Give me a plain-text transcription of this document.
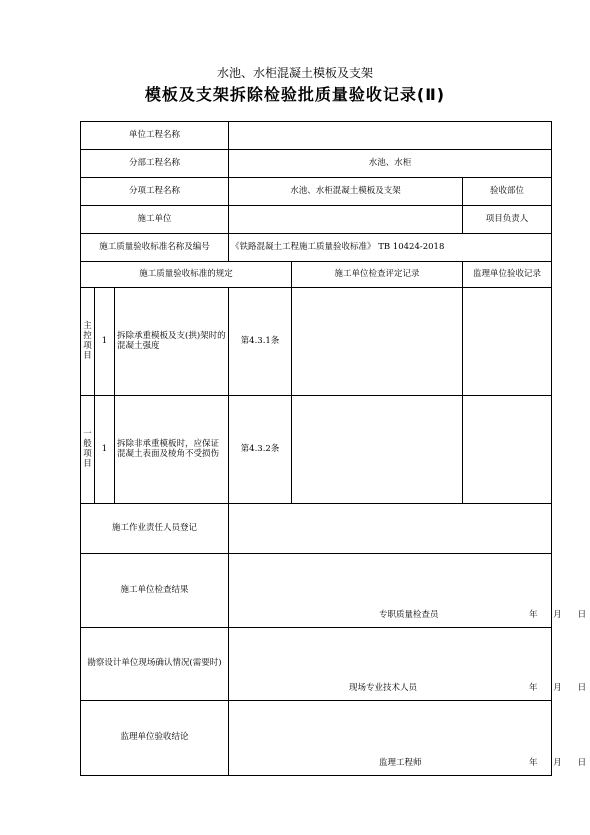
水池、水柜混凝土模板及支架
模板及支架拆除检验批质量验收记录(Ⅱ)
单位工程名称					
分部工程名称			水池、水柜		
分项工程名称			水池、水柜混凝土模板及支架		验收部位
施工单位					项目负责人
施工质量验收标准名称及编号			《铁路混凝土工程施工质量验收标准》 TB 10424-2018		
施工质量验收标准的规定				施工单位检查评定记录	监理单位验收记录
主控项目	1	拆除承重模板及支(拱)架时的混凝土强度	第4.3.1条		
一般项目	1	拆除非承重模板时，应保证混凝土表面及棱角不受损伤	第4.3.2条		
施工作业责任人员登记					
施工单位检查结果			专职质量检查员 年    月    日		

勘察设计单位现场确认情况(需要时)			现场专业技术人员 年    月    日		

监理单位验收结论			监理工程师 年    月    日		
